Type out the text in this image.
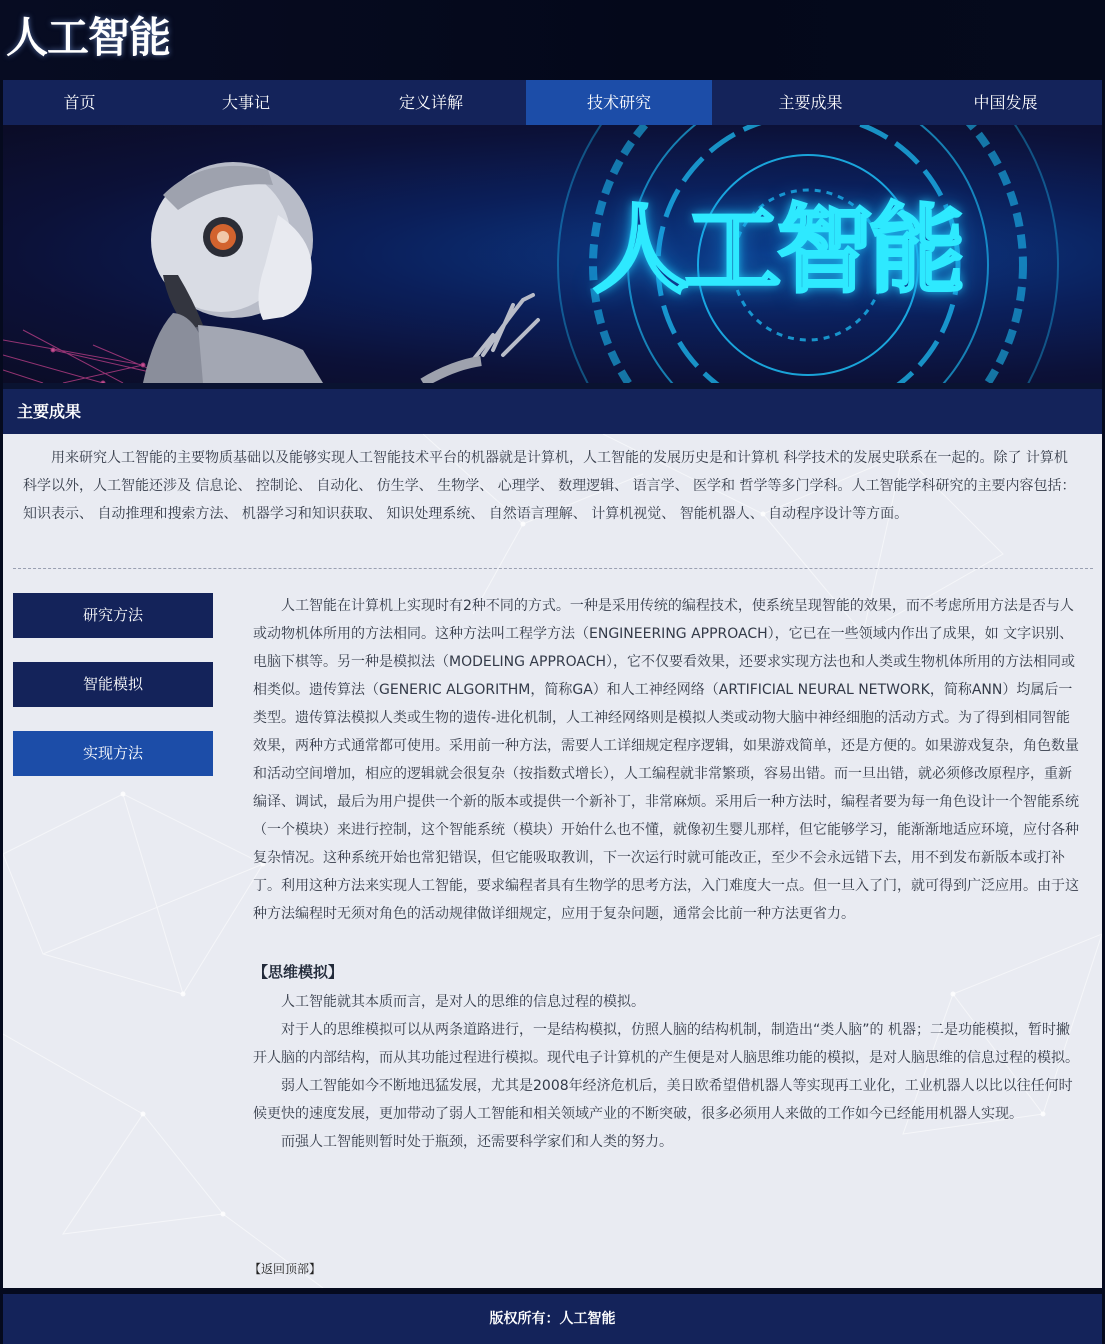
人工智能
首页	大事记	定义详解	技术研究	主要成果	中国发展
人工智能
主要成果

用来研究人工智能的主要物质基础以及能够实现人工智能技术平台的机器就是计算机，人工智能的发展历史是和计算机 科学技术的发展史联系在一起的。除了 计算机科学以外，人工智能还涉及 信息论、 控制论、 自动化、 仿生学、 生物学、 心理学、 数理逻辑、 语言学、 医学和 哲学等多门学科。人工智能学科研究的主要内容包括： 知识表示、 自动推理和搜索方法、 机器学习和知识获取、 知识处理系统、 自然语言理解、 计算机视觉、 智能机器人、 自动程序设计等方面。

研究方法
智能模拟
实现方法

人工智能在计算机上实现时有2种不同的方式。一种是采用传统的编程技术，使系统呈现智能的效果，而不考虑所用方法是否与人或动物机体所用的方法相同。这种方法叫工程学方法（ENGINEERING APPROACH），它已在一些领域内作出了成果，如 文字识别、电脑下棋等。另一种是模拟法（MODELING APPROACH），它不仅要看效果，还要求实现方法也和人类或生物机体所用的方法相同或相类似。遗传算法（GENERIC ALGORITHM，简称GA）和人工神经网络（ARTIFICIAL NEURAL NETWORK，简称ANN）均属后一类型。遗传算法模拟人类或生物的遗传-进化机制，人工神经网络则是模拟人类或动物大脑中神经细胞的活动方式。为了得到相同智能效果，两种方式通常都可使用。采用前一种方法，需要人工详细规定程序逻辑，如果游戏简单，还是方便的。如果游戏复杂，角色数量和活动空间增加，相应的逻辑就会很复杂（按指数式增长），人工编程就非常繁琐，容易出错。而一旦出错，就必须修改原程序，重新编译、调试，最后为用户提供一个新的版本或提供一个新补丁，非常麻烦。采用后一种方法时，编程者要为每一角色设计一个智能系统（一个模块）来进行控制，这个智能系统（模块）开始什么也不懂，就像初生婴儿那样，但它能够学习，能渐渐地适应环境，应付各种复杂情况。这种系统开始也常犯错误，但它能吸取教训，下一次运行时就可能改正，至少不会永远错下去，用不到发布新版本或打补丁。利用这种方法来实现人工智能，要求编程者具有生物学的思考方法，入门难度大一点。但一旦入了门，就可得到广泛应用。由于这种方法编程时无须对角色的活动规律做详细规定，应用于复杂问题，通常会比前一种方法更省力。

【思维模拟】

人工智能就其本质而言，是对人的思维的信息过程的模拟。

对于人的思维模拟可以从两条道路进行，一是结构模拟，仿照人脑的结构机制，制造出“类人脑”的 机器；二是功能模拟，暂时撇开人脑的内部结构，而从其功能过程进行模拟。现代电子计算机的产生便是对人脑思维功能的模拟，是对人脑思维的信息过程的模拟。

弱人工智能如今不断地迅猛发展，尤其是2008年经济危机后，美日欧希望借机器人等实现再工业化，工业机器人以比以往任何时候更快的速度发展，更加带动了弱人工智能和相关领域产业的不断突破，很多必须用人来做的工作如今已经能用机器人实现。

而强人工智能则暂时处于瓶颈，还需要科学家们和人类的努力。

【返回顶部】
版权所有：人工智能
